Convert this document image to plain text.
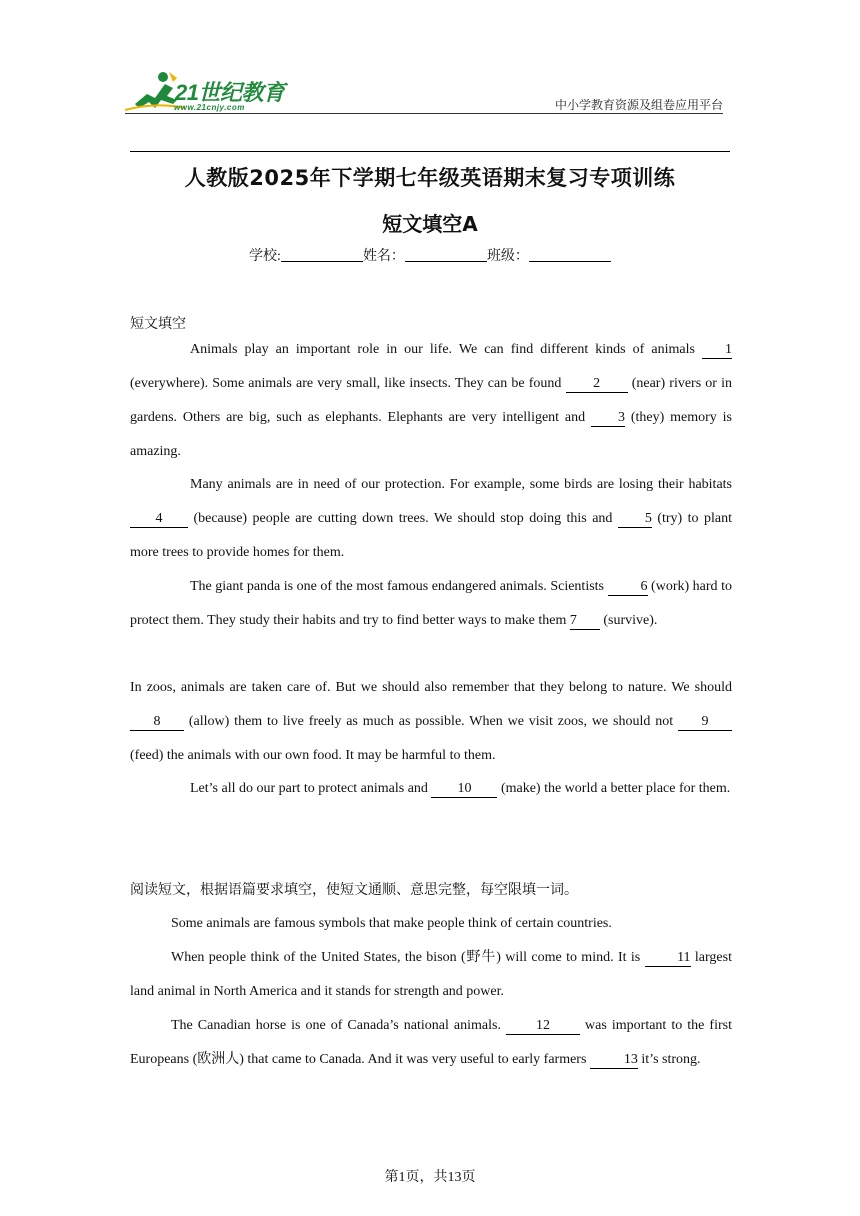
21世纪教育
www.21cnjy.com	中小学教育资源及组卷应用平台
人教版2025年下学期七年级英语期末复习专项训练
短文填空A
学校:	姓名：	班级：
短文填空
Animals play an important role in our life. We can find different kinds of animals 1 (everywhere). Some animals are very small, like insects. They can be found 2 (near) rivers or in gardens. Others are big, such as elephants. Elephants are very intelligent and 3 (they) memory is amazing.
Many animals are in need of our protection. For example, some birds are losing their habitats 4 (because) people are cutting down trees. We should stop doing this and 5 (try) to plant more trees to provide homes for them.
The giant panda is one of the most famous endangered animals. Scientists 6 (work) hard to protect them. They study their habits and try to find better ways to make them 7 (survive).
In zoos, animals are taken care of. But we should also remember that they belong to nature. We should 8 (allow) them to live freely as much as possible. When we visit zoos, we should not 9 (feed) the animals with our own food. It may be harmful to them.
Let’s all do our part to protect animals and 10 (make) the world a better place for them.
阅读短文，根据语篇要求填空，使短文通顺、意思完整，每空限填一词。
Some animals are famous symbols that make people think of certain countries.
When people think of the United States, the bison (野牛) will come to mind. It is 11 largest land animal in North America and it stands for strength and power.
The Canadian horse is one of Canada’s national animals. 12 was important to the first Europeans (欧洲人) that came to Canada. And it was very useful to early farmers 13 it’s strong.
第1页，共13页
